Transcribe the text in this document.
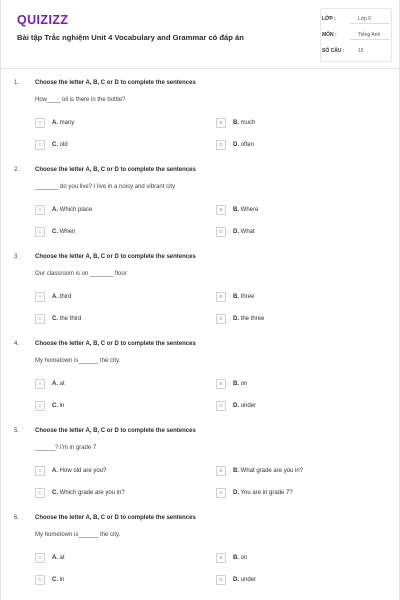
QUIZIZZ
Bài tập Trắc nghiệm Unit 4 Vocabulary and Grammar có đáp án
LỚP :	Lớp 6
MÔN :	Tiếng Anh
SỐ CÂU :	15
1.	Choose the letter A, B, C or D to complete the sentences
How____ oil is there in the bottle?
A	A. many	B	B. much
C	C. old	D	D. often
2.	Choose the letter A, B, C or D to complete the sentences
_______ do you live? I live in a noisy and vibrant city
A	A. Which place	B	B. Where
C	C. When	D	D. What
3.	Choose the letter A, B, C or D to complete the sentences
Our classroom is on _______ floor
A	A. third	B	B. three
C	C. the third	D	D. the three
4.	Choose the letter A, B, C or D to complete the sentences
My hometown is______ the city.
A	A. at	B	B. on
C	C. in	D	D. under
5.	Choose the letter A, B, C or D to complete the sentences
______? I'm in grade 7
A	A. How old are you?	B	B. What grade are you in?
C	C. Which grade are you in?	D	D. You are in grade 7?
6.	Choose the letter A, B, C or D to complete the sentences
My hometown is______ the city.
A	A. at	B	B. on
C	C. in	D	D. under
